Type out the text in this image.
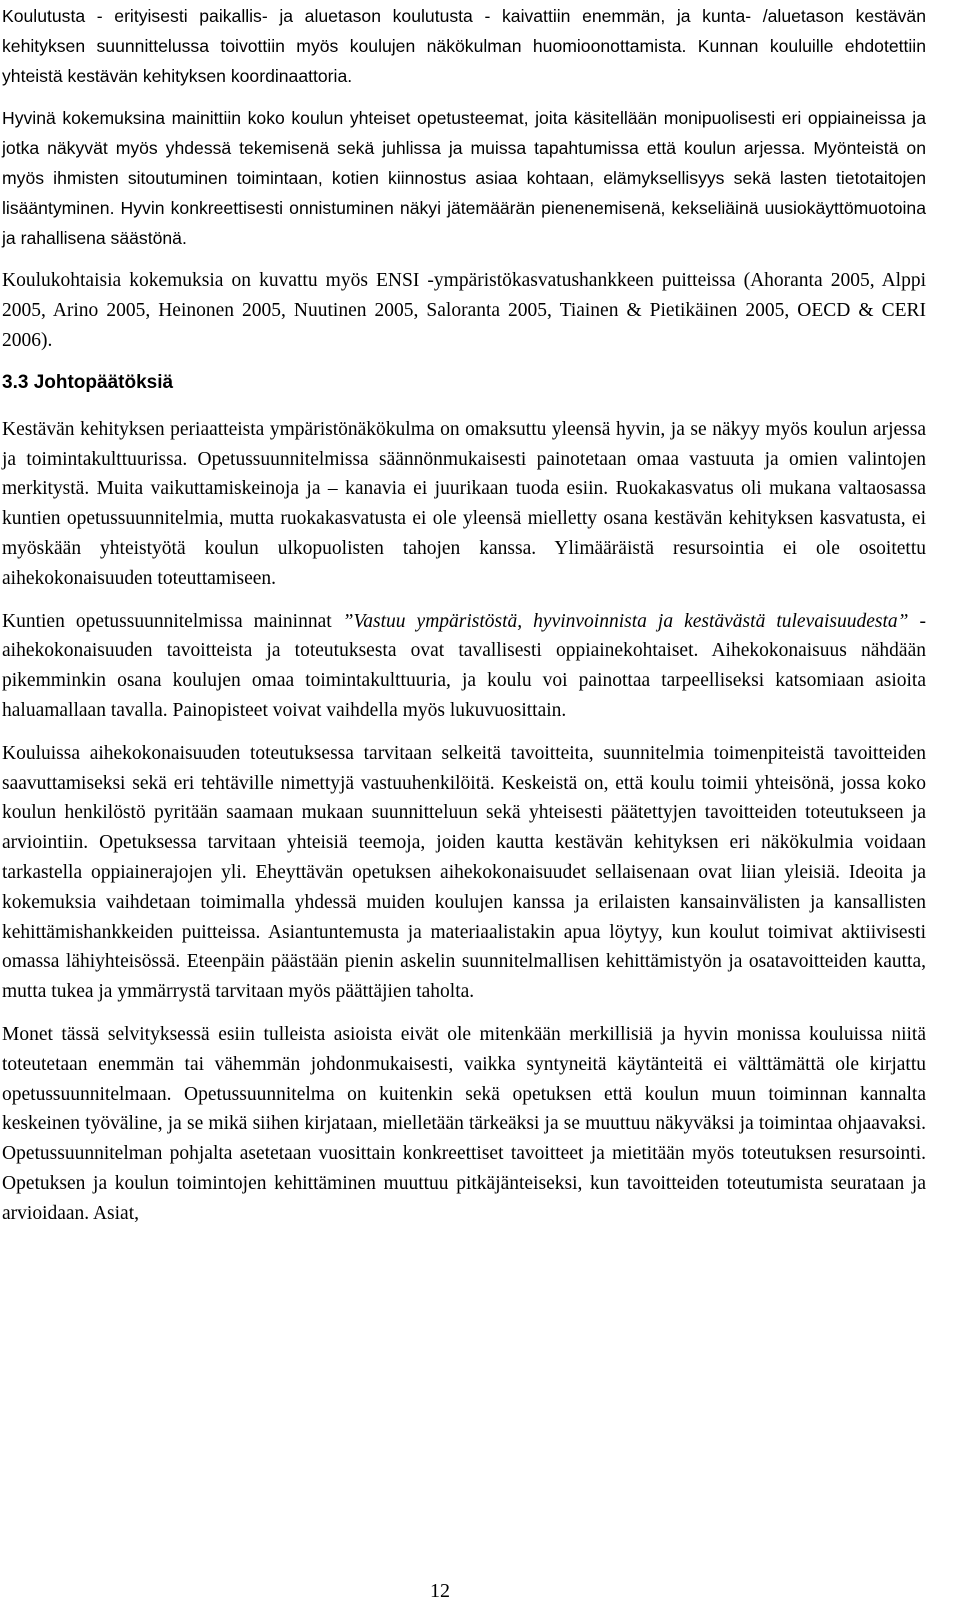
Koulutusta - erityisesti paikallis- ja aluetason koulutusta - kaivattiin enemmän, ja kunta- /aluetason kestävän kehityksen suunnittelussa toivottiin myös koulujen näkökulman huomioonottamista. Kunnan kouluille ehdotettiin yhteistä kestävän kehityksen koordinaattoria.

Hyvinä kokemuksina mainittiin koko koulun yhteiset opetusteemat, joita käsitellään monipuolisesti eri oppiaineissa ja jotka näkyvät myös yhdessä tekemisenä sekä juhlissa ja muissa tapahtumissa että koulun arjessa. Myönteistä on myös ihmisten sitoutuminen toimintaan, kotien kiinnostus asiaa kohtaan, elämyksellisyys sekä lasten tietotaitojen lisääntyminen. Hyvin konkreettisesti onnistuminen näkyi jätemäärän pienenemisenä, kekseliäinä uusiokäyttömuotoina ja rahallisena säästönä.

Koulukohtaisia kokemuksia on kuvattu myös ENSI -ympäristökasvatushankkeen puitteissa (Ahoranta 2005, Alppi 2005, Arino 2005, Heinonen 2005, Nuutinen 2005, Saloranta 2005, Tiainen & Pietikäinen 2005, OECD & CERI 2006).

3.3 Johtopäätöksiä

Kestävän kehityksen periaatteista ympäristönäkökulma on omaksuttu yleensä hyvin, ja se näkyy myös koulun arjessa ja toimintakulttuurissa. Opetussuunnitelmissa säännönmukaisesti painotetaan omaa vastuuta ja omien valintojen merkitystä. Muita vaikuttamiskeinoja ja – kanavia ei juurikaan tuoda esiin. Ruokakasvatus oli mukana valtaosassa kuntien opetussuunnitelmia, mutta ruokakasvatusta ei ole yleensä mielletty osana kestävän kehityksen kasvatusta, ei myöskään yhteistyötä koulun ulkopuolisten tahojen kanssa. Ylimääräistä resursointia ei ole osoitettu aihekokonaisuuden toteuttamiseen.

Kuntien opetussuunnitelmissa maininnat ”Vastuu ympäristöstä, hyvinvoinnista ja kestävästä tulevaisuudesta” -aihekokonaisuuden tavoitteista ja toteutuksesta ovat tavallisesti oppiainekohtaiset. Aihekokonaisuus nähdään pikemminkin osana koulujen omaa toimintakulttuuria, ja koulu voi painottaa tarpeelliseksi katsomiaan asioita haluamallaan tavalla. Painopisteet voivat vaihdella myös lukuvuosittain.

Kouluissa aihekokonaisuuden toteutuksessa tarvitaan selkeitä tavoitteita, suunnitelmia toimenpiteistä tavoitteiden saavuttamiseksi sekä eri tehtäville nimettyjä vastuuhenkilöitä. Keskeistä on, että koulu toimii yhteisönä, jossa koko koulun henkilöstö pyritään saamaan mukaan suunnitteluun sekä yhteisesti päätettyjen tavoitteiden toteutukseen ja arviointiin. Opetuksessa tarvitaan yhteisiä teemoja, joiden kautta kestävän kehityksen eri näkökulmia voidaan tarkastella oppiainerajojen yli. Eheyttävän opetuksen aihekokonaisuudet sellaisenaan ovat liian yleisiä. Ideoita ja kokemuksia vaihdetaan toimimalla yhdessä muiden koulujen kanssa ja erilaisten kansainvälisten ja kansallisten kehittämishankkeiden puitteissa. Asiantuntemusta ja materiaalistakin apua löytyy, kun koulut toimivat aktiivisesti omassa lähiyhteisössä. Eteenpäin päästään pienin askelin suunnitelmallisen kehittämistyön ja osatavoitteiden kautta, mutta tukea ja ymmärrystä tarvitaan myös päättäjien taholta.

Monet tässä selvityksessä esiin tulleista asioista eivät ole mitenkään merkillisiä ja hyvin monissa kouluissa niitä toteutetaan enemmän tai vähemmän johdonmukaisesti, vaikka syntyneitä käytänteitä ei välttämättä ole kirjattu opetussuunnitelmaan. Opetussuunnitelma on kuitenkin sekä opetuksen että koulun muun toiminnan kannalta keskeinen työväline, ja se mikä siihen kirjataan, mielletään tärkeäksi ja se muuttuu näkyväksi ja toimintaa ohjaavaksi. Opetussuunnitelman pohjalta asetetaan vuosittain konkreettiset tavoitteet ja mietitään myös toteutuksen resursointi. Opetuksen ja koulun toimintojen kehittäminen muuttuu pitkäjänteiseksi, kun tavoitteiden toteutumista seurataan ja arvioidaan. Asiat,

12
